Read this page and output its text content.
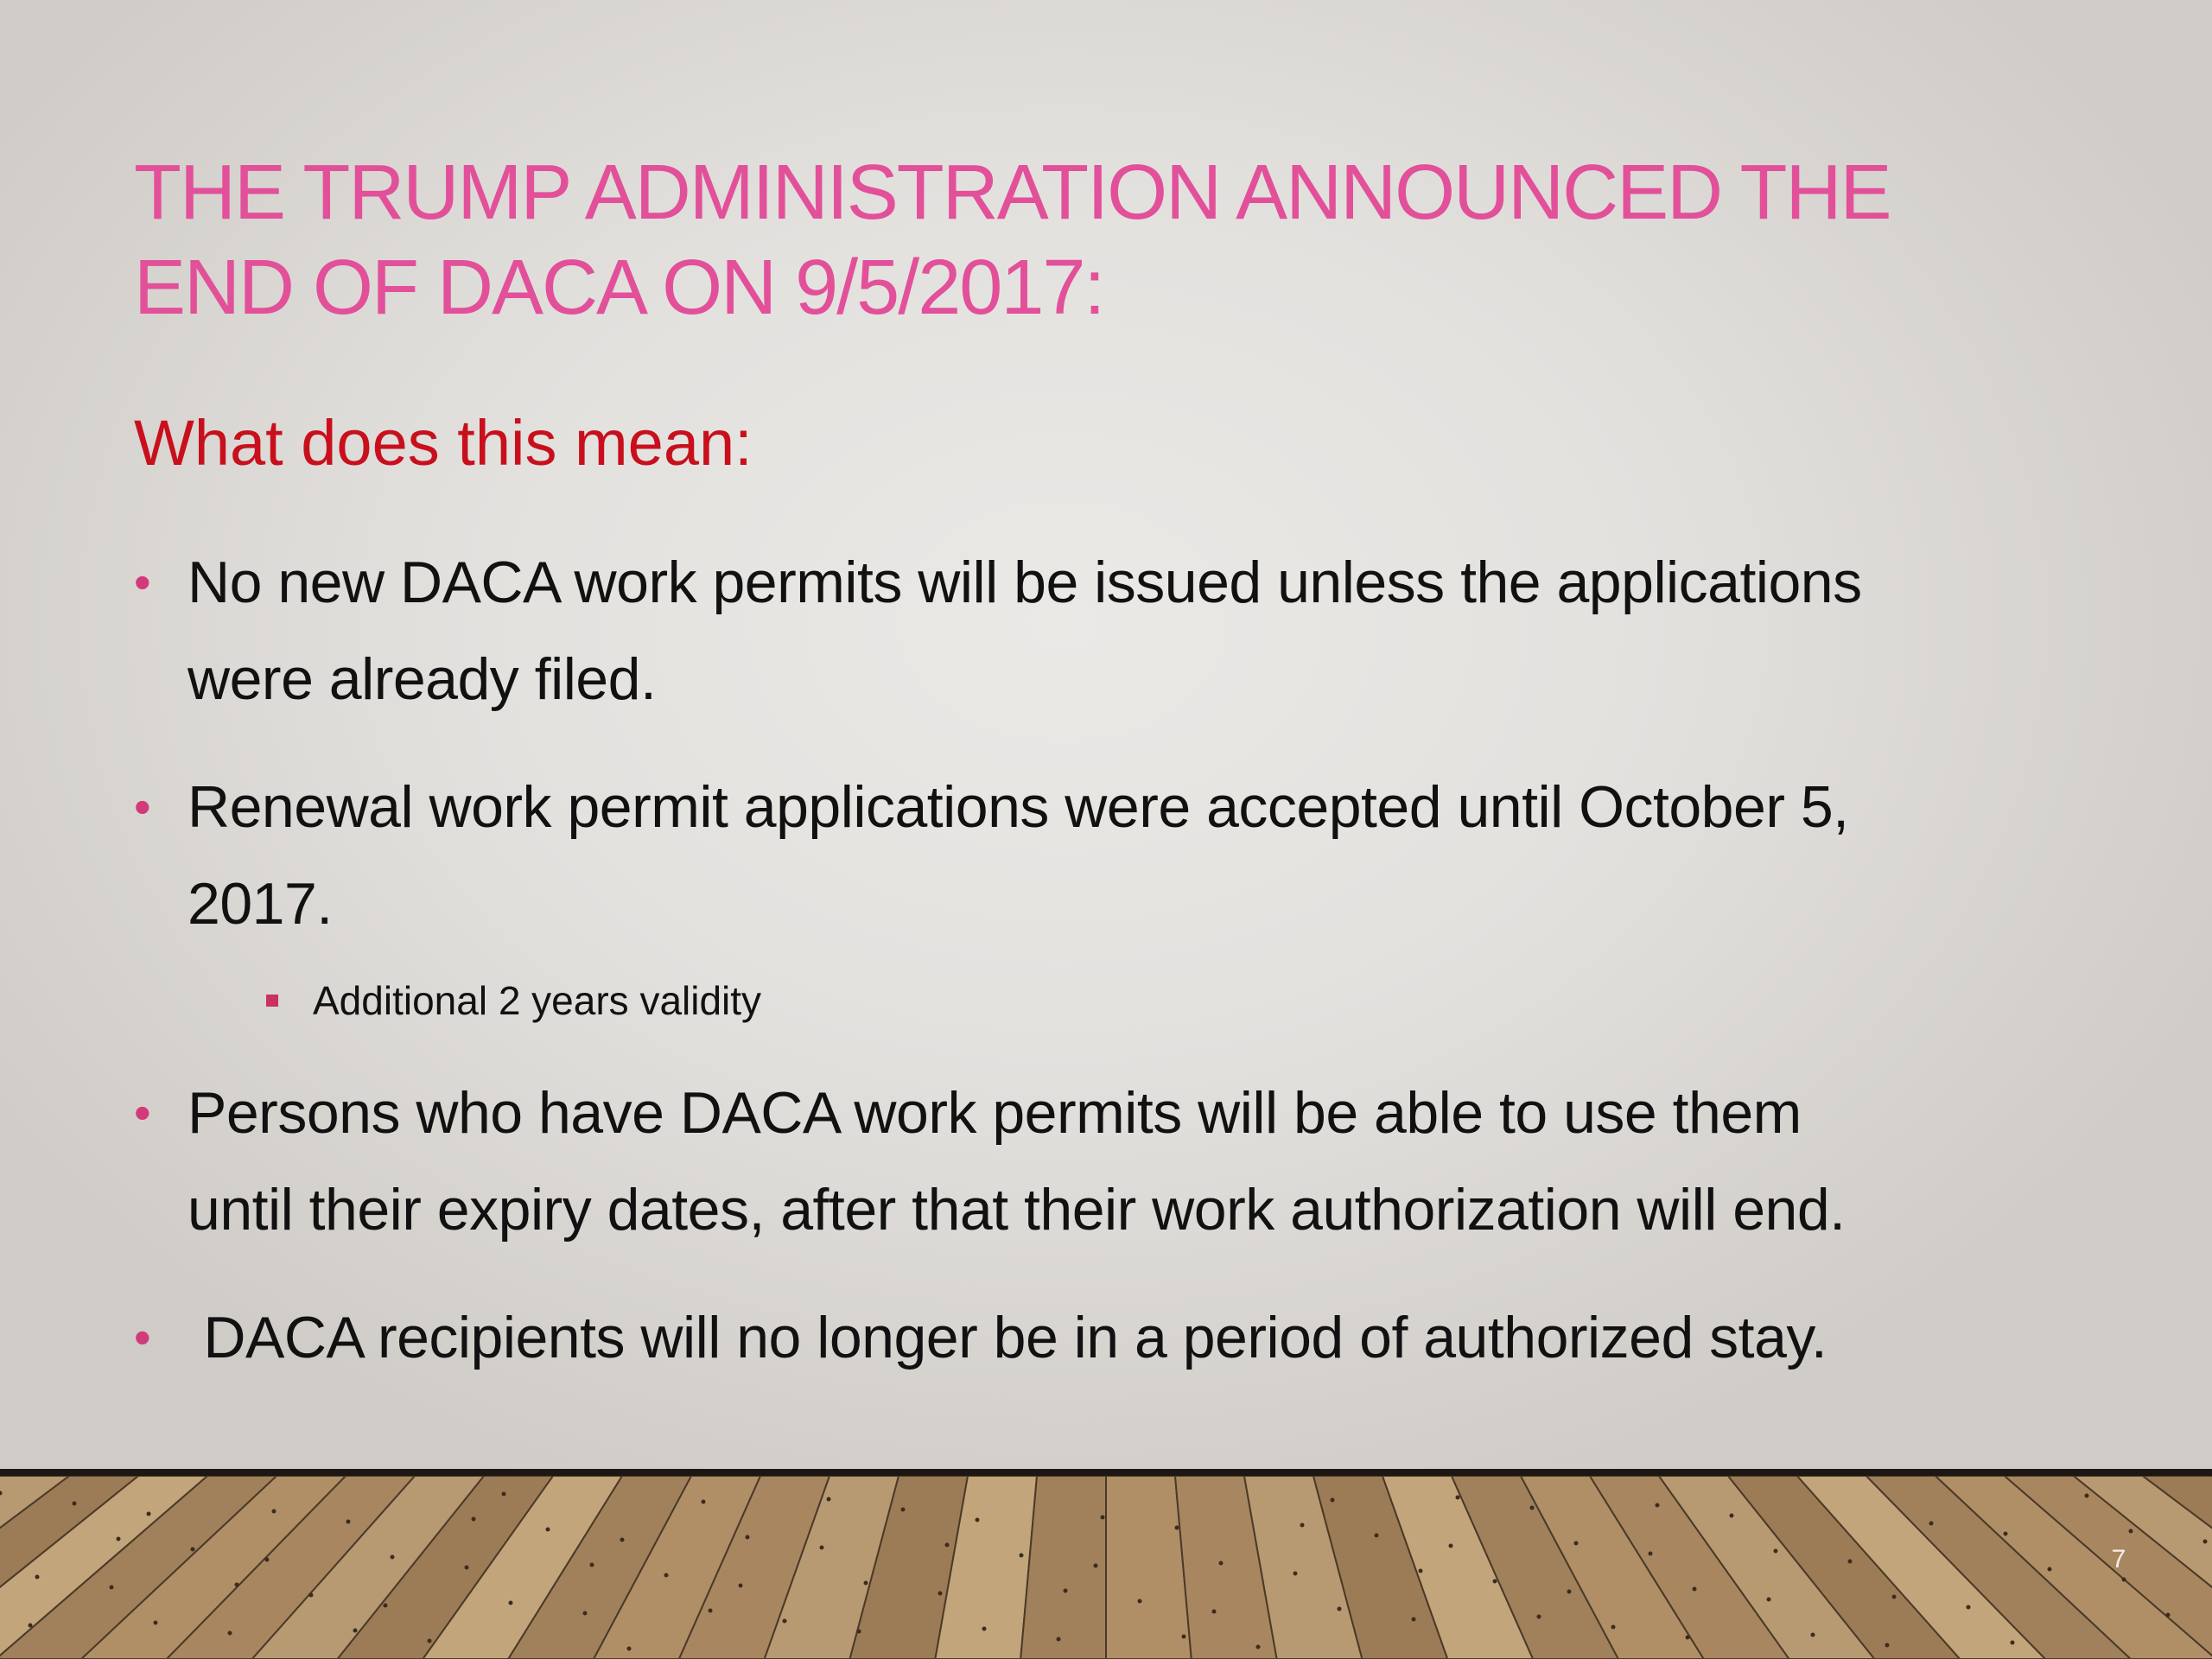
THE TRUMP ADMINISTRATION ANNOUNCED THE
END OF DACA ON 9/5/2017:
What does this mean:
• No new DACA work permits will be issued unless the applications
were already filed.
• Renewal work permit applications were accepted until October 5,
2017.
Additional 2 years validity
• Persons who have DACA work permits will be able to use them
until their expiry dates, after that their work authorization will end.
• DACA recipients will no longer be in a period of authorized stay.
7
